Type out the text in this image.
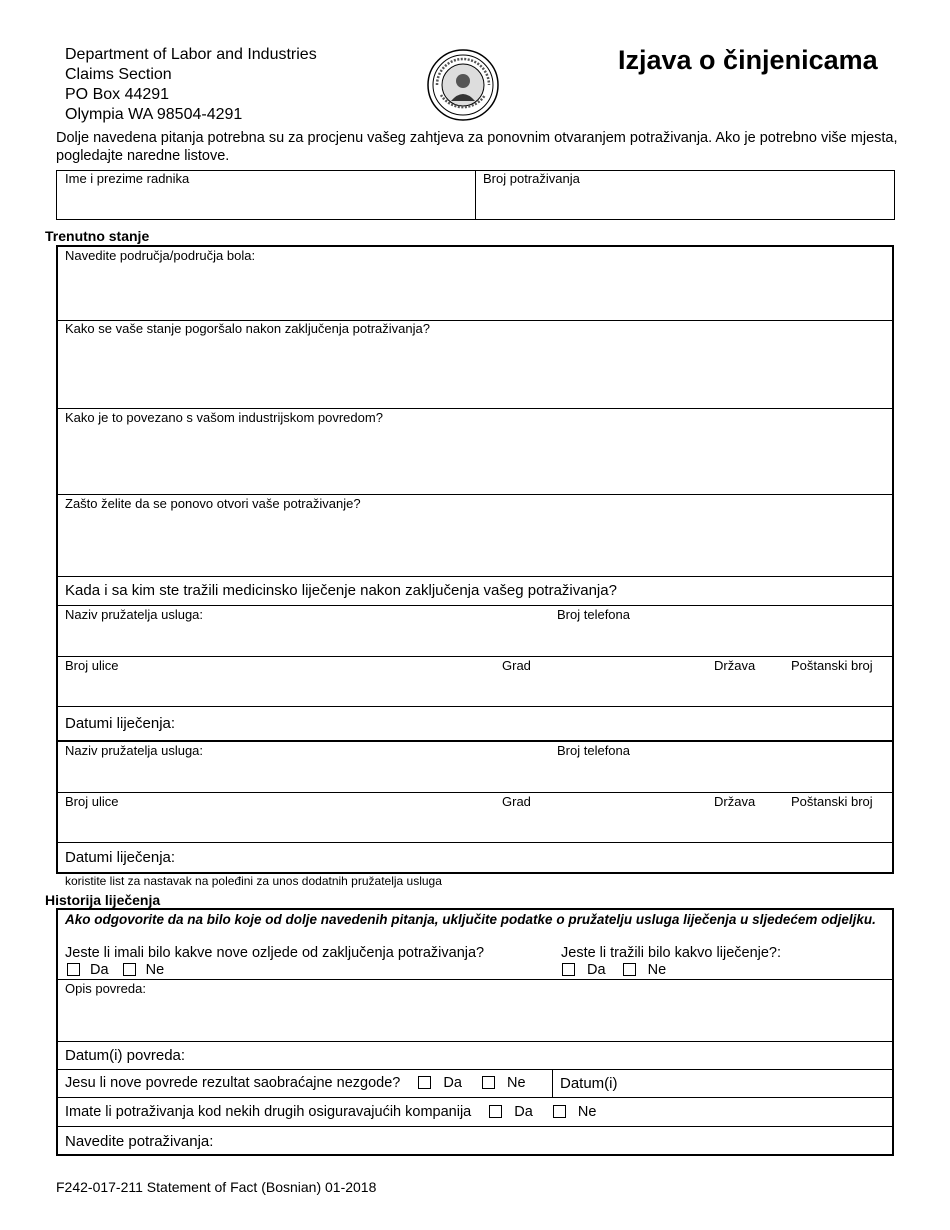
Department of Labor and Industries
Claims Section
PO Box 44291
Olympia WA 98504-4291
Izjava o činjenicama
Dolje navedena pitanja potrebna su za procjenu vašeg zahtjeva za ponovnim otvaranjem potraživanja. Ako je potrebno više mjesta, pogledajte naredne listove.
Ime i prezime radnika	Broj potraživanja
Trenutno stanje
Navedite područja/područja bola:
Kako se vaše stanje pogoršalo nakon zaključenja potraživanja?
Kako je to povezano s vašom industrijskom povredom?
Zašto želite da se ponovo otvori vaše potraživanje?
Kada i sa kim ste tražili medicinsko liječenje nakon zaključenja vašeg potraživanja?
Naziv pružatelja usluga:	Broj telefona
Broj ulice	Grad	Država	Poštanski broj
Datumi liječenja:
Naziv pružatelja usluga:	Broj telefona
Broj ulice	Grad	Država	Poštanski broj
Datumi liječenja:
koristite list za nastavak na poleđini za unos dodatnih pružatelja usluga
Historija liječenja
Ako odgovorite da na bilo koje od dolje navedenih pitanja, uključite podatke o pružatelju usluga liječenja u sljedećem odjeljku.
Jeste li imali bilo kakve nove ozljede od zaključenja potraživanja?
Da	Ne
Jeste li tražili bilo kakvo liječenje?:
Da	Ne
Opis povreda:
Datum(i) povreda:
Jesu li nove povrede rezultat saobraćajne nezgode?	Da	Ne Datum(i)
Imate li potraživanja kod nekih drugih osiguravajućih kompanija	Da	Ne
Navedite potraživanja:
F242-017-211 Statement of Fact (Bosnian) 01-2018
